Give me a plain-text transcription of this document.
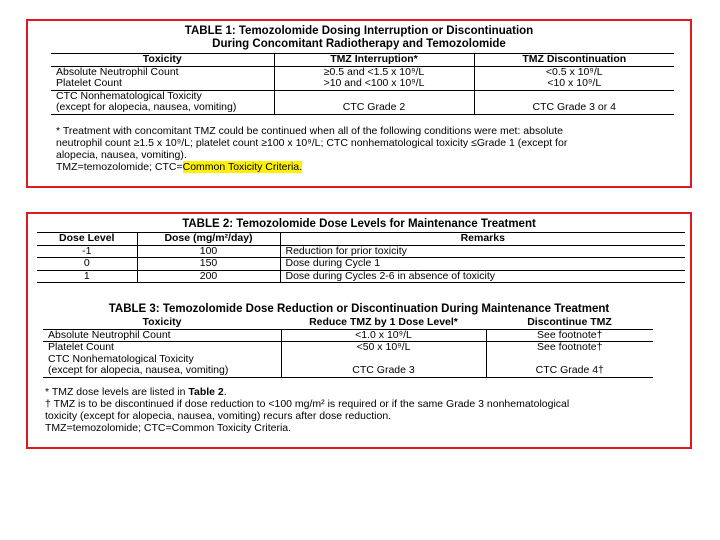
TABLE 1: Temozolomide Dosing Interruption or Discontinuation
During Concomitant Radiotherapy and Temozolomide
Toxicity	TMZ Interruption*	TMZ Discontinuation
Absolute Neutrophil Count	≥0.5 and <1.5 x 10⁹/L	<0.5 x 10⁹/L
Platelet Count	>10 and <100 x 10⁹/L	<10 x 10⁹/L

CTC Nonhematological Toxicity
(except for alopecia, nausea, vomiting)	CTC Grade 2	CTC Grade 3 or 4
* Treatment with concomitant TMZ could be continued when all of the following conditions were met: absolute
neutrophil count ≥1.5 x 10⁹/L; platelet count ≥100 x 10⁹/L; CTC nonhematological toxicity ≤Grade 1 (except for
alopecia, nausea, vomiting).
TMZ=temozolomide; CTC=Common Toxicity Criteria.
TABLE 2: Temozolomide Dose Levels for Maintenance Treatment
Dose Level	Dose (mg/m²/day)	Remarks
-1	100	Reduction for prior toxicity
0	150	Dose during Cycle 1
1	200	Dose during Cycles 2-6 in absence of toxicity
TABLE 3: Temozolomide Dose Reduction or Discontinuation During Maintenance Treatment
Toxicity	Reduce TMZ by 1 Dose Level*	Discontinue TMZ
Absolute Neutrophil Count	<1.0 x 10⁹/L	See footnote†
Platelet Count	<50 x 10⁹/L	See footnote†

CTC Nonhematological Toxicity
(except for alopecia, nausea, vomiting)	CTC Grade 3	CTC Grade 4†
* TMZ dose levels are listed in Table 2.
† TMZ is to be discontinued if dose reduction to <100 mg/m² is required or if the same Grade 3 nonhematological
toxicity (except for alopecia, nausea, vomiting) recurs after dose reduction.
TMZ=temozolomide; CTC=Common Toxicity Criteria.
